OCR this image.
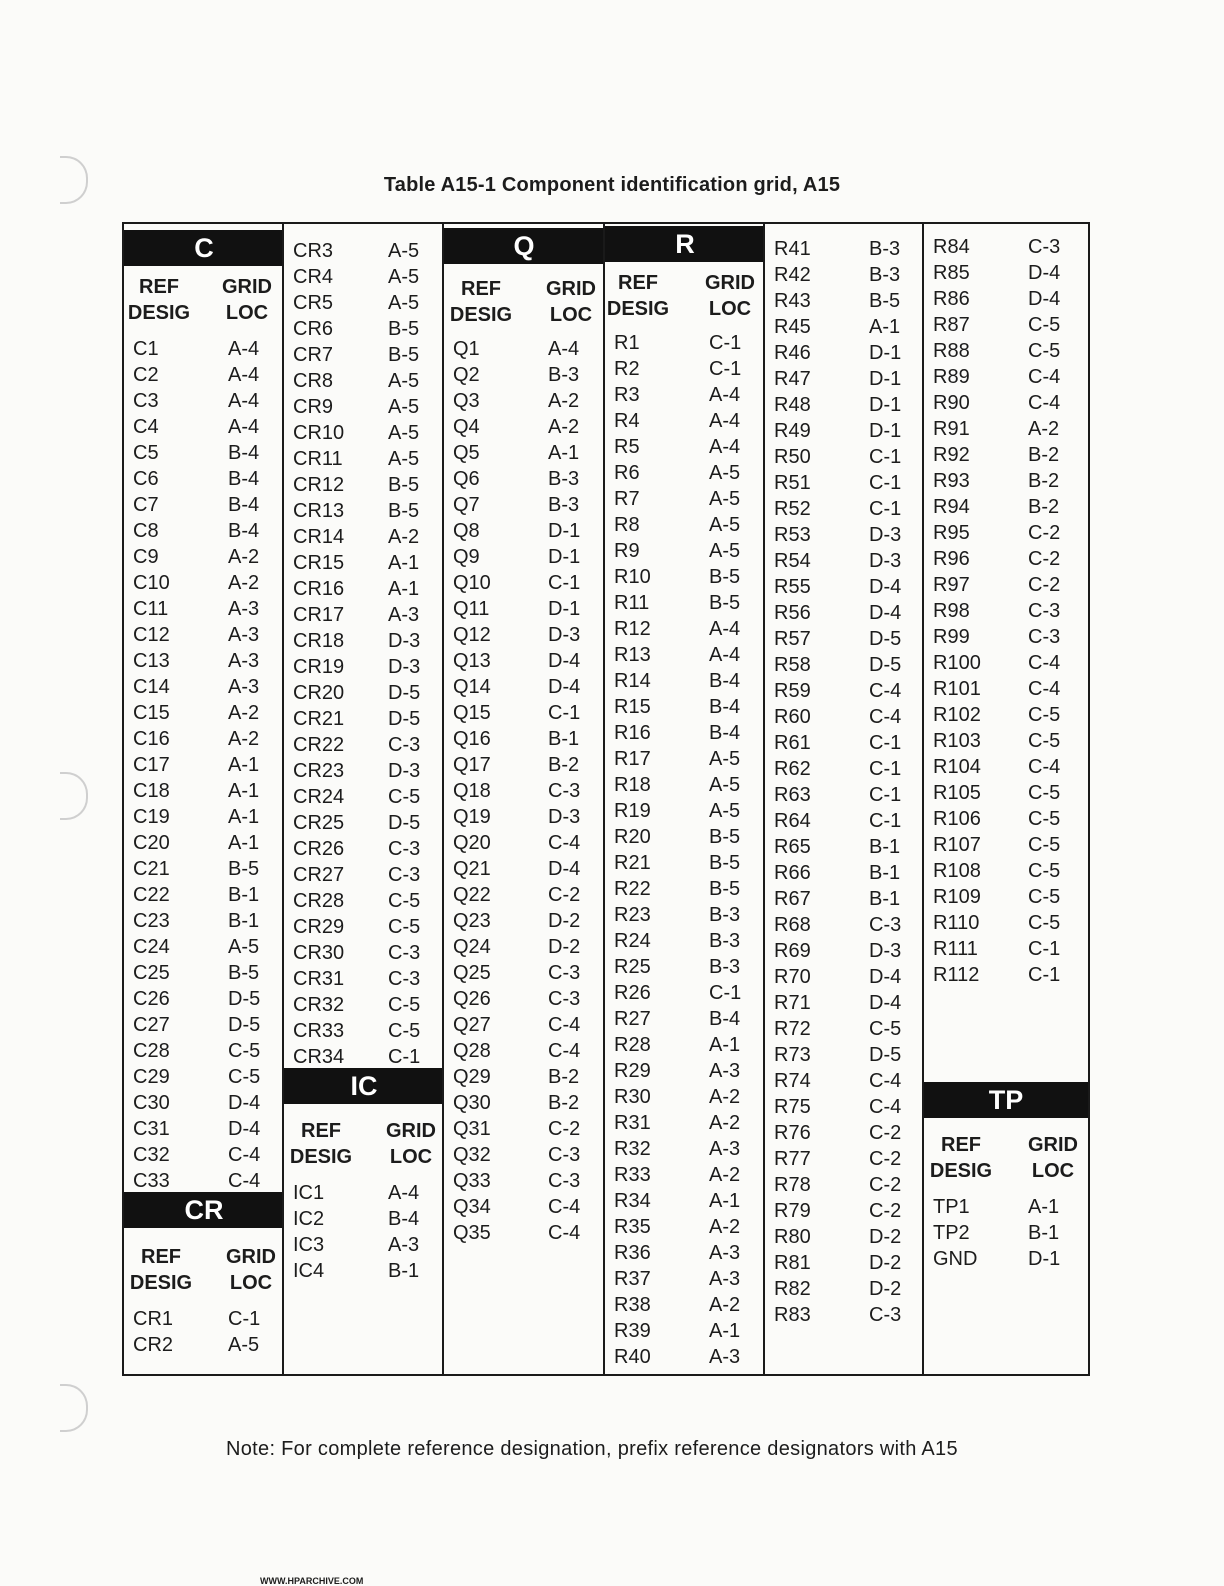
Table A15-1 Component identification grid, A15
C
REF
DESIG
GRID
LOC
C1	A-4
C2	A-4
C3	A-4
C4	A-4
C5	B-4
C6	B-4
C7	B-4
C8	B-4
C9	A-2
C10	A-2
C11	A-3
C12	A-3
C13	A-3
C14	A-3
C15	A-2
C16	A-2
C17	A-1
C18	A-1
C19	A-1
C20	A-1
C21	B-5
C22	B-1
C23	B-1
C24	A-5
C25	B-5
C26	D-5
C27	D-5
C28	C-5
C29	C-5
C30	D-4
C31	D-4
C32	C-4
C33	C-4
CR
REF
DESIG
GRID
LOC
CR1	C-1
CR2	A-5
CR3	A-5
CR4	A-5
CR5	A-5
CR6	B-5
CR7	B-5
CR8	A-5
CR9	A-5
CR10 A-5
CR11 A-5
CR12 B-5
CR13 B-5
CR14 A-2
CR15 A-1
CR16 A-1
CR17 A-3
CR18 D-3
CR19 D-3
CR20 D-5
CR21 D-5
CR22 C-3
CR23 D-3
CR24 C-5
CR25 D-5
CR26 C-3
CR27 C-3
CR28 C-5
CR29 C-5
CR30 C-3
CR31 C-3
CR32 C-5
CR33 C-5
CR34 C-1
IC
REF
DESIG
GRID
LOC
IC1	A-4
IC2	B-4
IC3	A-3
IC4	B-1
Q
REF
DESIG
GRID
LOC
Q1	A-4
Q2	B-3
Q3	A-2
Q4	A-2
Q5	A-1
Q6	B-3
Q7	B-3
Q8	D-1
Q9	D-1
Q10	C-1
Q11	D-1
Q12	D-3
Q13	D-4
Q14	D-4
Q15	C-1
Q16	B-1
Q17	B-2
Q18	C-3
Q19	D-3
Q20	C-4
Q21	D-4
Q22	C-2
Q23	D-2
Q24	D-2
Q25	C-3
Q26	C-3
Q27	C-4
Q28	C-4
Q29	B-2
Q30	B-2
Q31	C-2
Q32	C-3
Q33	C-3
Q34	C-4
Q35	C-4
R
REF
DESIG
GRID
LOC
R1	C-1
R2	C-1
R3	A-4
R4	A-4
R5	A-4
R6	A-5
R7	A-5
R8	A-5
R9	A-5
R10	B-5
R11	B-5
R12	A-4
R13	A-4
R14	B-4
R15	B-4
R16	B-4
R17	A-5
R18	A-5
R19	A-5
R20	B-5
R21	B-5
R22	B-5
R23	B-3
R24	B-3
R25	B-3
R26	C-1
R27	B-4
R28	A-1
R29	A-3
R30	A-2
R31	A-2
R32	A-3
R33	A-2
R34	A-1
R35	A-2
R36	A-3
R37	A-3
R38	A-2
R39	A-1
R40	A-3
R41	B-3
R42	B-3
R43	B-5
R45	A-1
R46	D-1
R47	D-1
R48	D-1
R49	D-1
R50	C-1
R51	C-1
R52	C-1
R53	D-3
R54	D-3
R55	D-4
R56	D-4
R57	D-5
R58	D-5
R59	C-4
R60	C-4
R61	C-1
R62	C-1
R63	C-1
R64	C-1
R65	B-1
R66	B-1
R67	B-1
R68	C-3
R69	D-3
R70	D-4
R71	D-4
R72	C-5
R73	D-5
R74	C-4
R75	C-4
R76	C-2
R77	C-2
R78	C-2
R79	C-2
R80	D-2
R81	D-2
R82	D-2
R83	C-3
R84	C-3
R85	D-4
R86	D-4
R87	C-5
R88	C-5
R89	C-4
R90	C-4
R91	A-2
R92	B-2
R93	B-2
R94	B-2
R95	C-2
R96	C-2
R97	C-2
R98	C-3
R99	C-3
R100 C-4
R101 C-4
R102 C-5
R103 C-5
R104 C-4
R105 C-5
R106 C-5
R107 C-5
R108 C-5
R109 C-5
R110 C-5
R111	C-1
R112 C-1
TP
REF
DESIG
GRID
LOC
TP1	A-1
TP2	B-1
GND	D-1
Note: For complete reference designation, prefix reference designators with A15
WWW.HPARCHIVE.COM
